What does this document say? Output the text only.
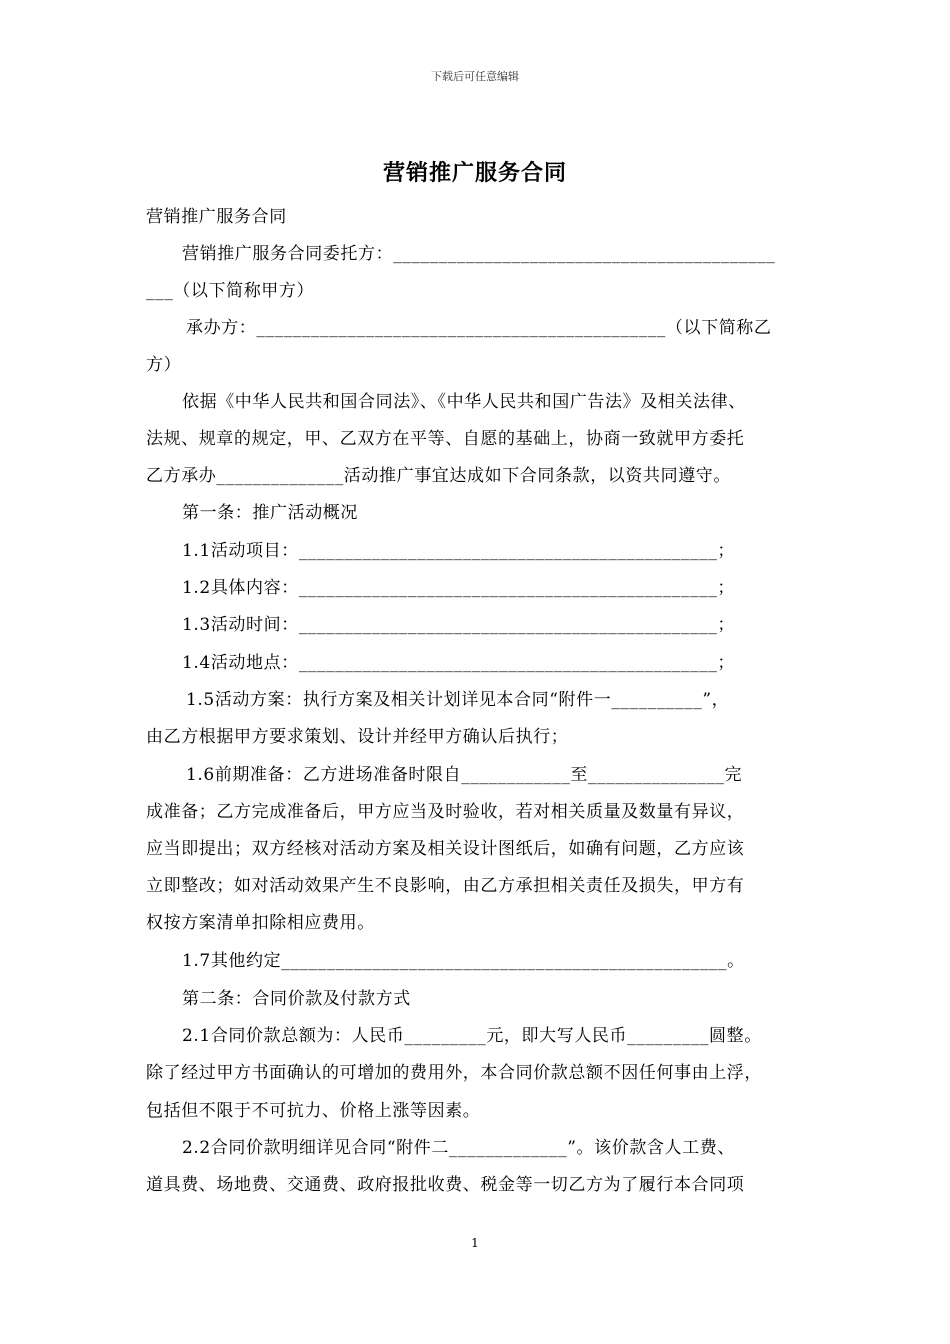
下载后可任意编辑
营销推广服务合同
营销推广服务合同
营销推广服务合同委托方：__________________________________________
___（以下简称甲方）
承办方：_____________________________________________（以下简称乙
方）
依据《中华人民共和国合同法》、《中华人民共和国广告法》及相关法律、
法规、规章的规定，甲、乙双方在平等、自愿的基础上，协商一致就甲方委托
乙方承办______________活动推广事宜达成如下合同条款，以资共同遵守。
第一条：推广活动概况
1.1活动项目：______________________________________________；
1.2具体内容：______________________________________________；
1.3活动时间：______________________________________________；
1.4活动地点：______________________________________________；
1.5活动方案：执行方案及相关计划详见本合同“附件一__________”，
由乙方根据甲方要求策划、设计并经甲方确认后执行；
1.6前期准备：乙方进场准备时限自____________至_______________完
成准备；乙方完成准备后，甲方应当及时验收，若对相关质量及数量有异议，
应当即提出；双方经核对活动方案及相关设计图纸后，如确有问题，乙方应该
立即整改；如对活动效果产生不良影响，由乙方承担相关责任及损失，甲方有
权按方案清单扣除相应费用。
1.7其他约定_________________________________________________。
第二条：合同价款及付款方式
2.1合同价款总额为：人民币_________元，即大写人民币_________圆整。
除了经过甲方书面确认的可增加的费用外，本合同价款总额不因任何事由上浮，
包括但不限于不可抗力、价格上涨等因素。
2.2合同价款明细详见合同“附件二_____________”。该价款含人工费、
道具费、场地费、交通费、政府报批收费、税金等一切乙方为了履行本合同项
1
